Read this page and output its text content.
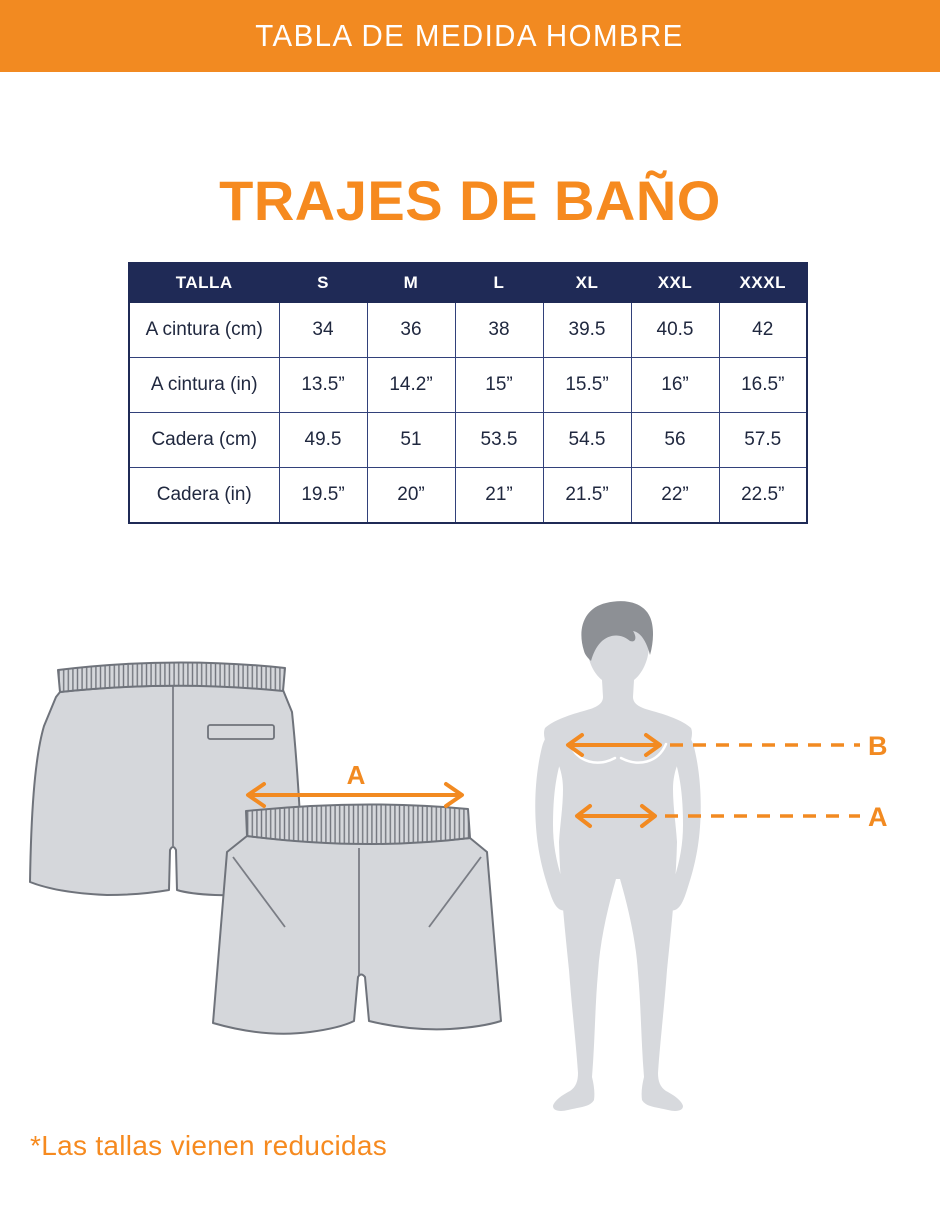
TABLA DE MEDIDA HOMBRE
TRAJES DE BAÑO
TALLA	S	M	L	XL	XXL	XXXL
A cintura (cm)	34	36	38	39.5	40.5	42
A cintura (in)	13.5”	14.2”	15”	15.5”	16”	16.5”
Cadera (cm)	49.5	51	53.5	54.5	56	57.5
Cadera (in)	19.5”	20”	21”	21.5”	22”	22.5”
A
B
A
*Las tallas vienen reducidas
